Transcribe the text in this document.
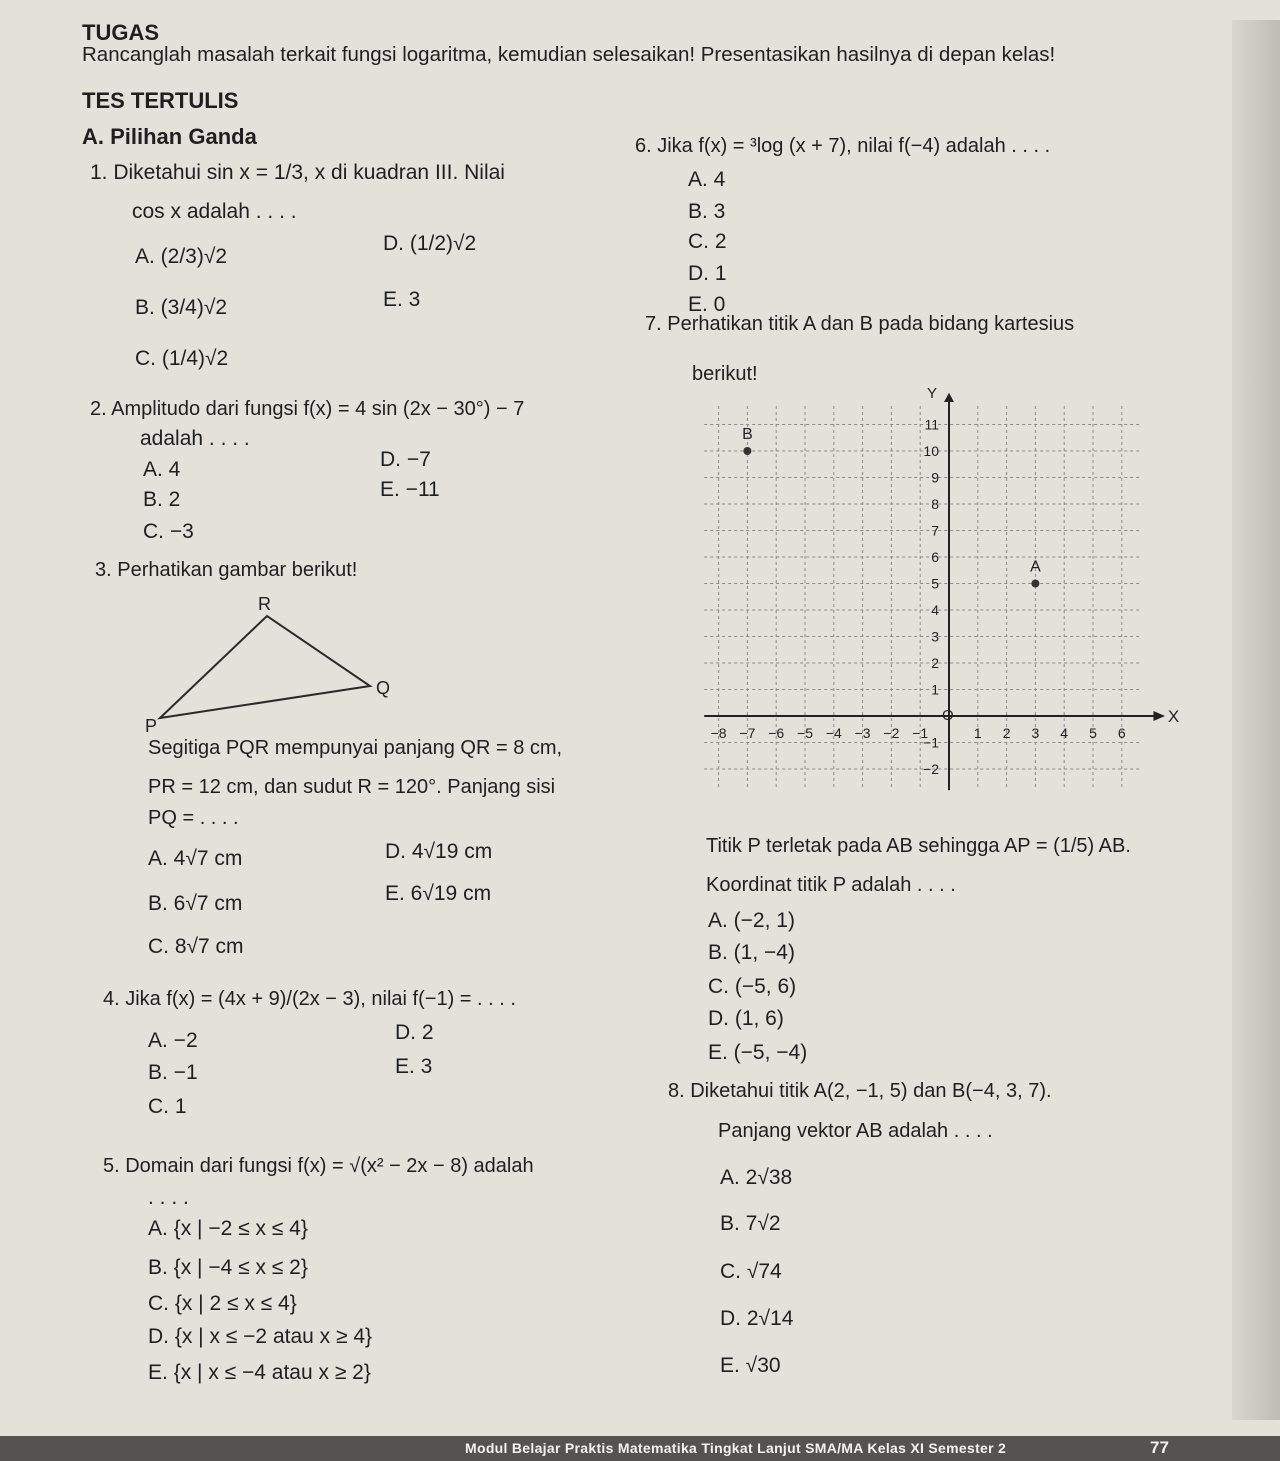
TUGAS
Rancanglah masalah terkait fungsi logaritma, kemudian selesaikan! Presentasikan hasilnya di depan kelas!
TES TERTULIS
A. Pilihan Ganda
1. Diketahui sin x = 1/3, x di kuadran III. Nilai
cos x adalah . . . .
A. (2/3)√2
B. (3/4)√2
C. (1/4)√2
D. (1/2)√2
E. 3
2. Amplitudo dari fungsi f(x) = 4 sin (2x − 30°) − 7
adalah . . . .
A. 4
B. 2
C. −3
D. −7
E. −11
3. Perhatikan gambar berikut!
R
Q
P
Segitiga PQR mempunyai panjang QR = 8 cm,
PR = 12 cm, dan sudut R = 120°. Panjang sisi
PQ = . . . .
A. 4√7 cm
B. 6√7 cm
C. 8√7 cm
D. 4√19 cm
E. 6√19 cm
4. Jika f(x) = (4x + 9)/(2x − 3), nilai f(−1) = . . . .
A. −2
B. −1
C. 1
D. 2
E. 3
5. Domain dari fungsi f(x) = √(x² − 2x − 8) adalah
. . . .
A. {x | −2 ≤ x ≤ 4}
B. {x | −4 ≤ x ≤ 2}
C. {x | 2 ≤ x ≤ 4}
D. {x | x ≤ −2 atau x ≥ 4}
E. {x | x ≤ −4 atau x ≥ 2}
6. Jika f(x) = ³log (x + 7), nilai f(−4) adalah . . . .
A. 4
B. 3
C. 2
D. 1
E. 0
7. Perhatikan titik A dan B pada bidang kartesius
berikut!
X
Y
O
−8 −7 −6 −5 −4 −3 −2 −1	1 2 3 4 5 6
−2
−1
1
2
3
4
5
6
7
8
9
10
11
A
B
Titik P terletak pada AB sehingga AP = (1/5) AB.
Koordinat titik P adalah . . . .
A. (−2, 1)
B. (1, −4)
C. (−5, 6)
D. (1, 6)
E. (−5, −4)
8. Diketahui titik A(2, −1, 5) dan B(−4, 3, 7).
Panjang vektor AB adalah . . . .
A. 2√38
B. 7√2
C. √74
D. 2√14
E. √30
Modul Belajar Praktis Matematika Tingkat Lanjut SMA/MA Kelas XI Semester 2	77
